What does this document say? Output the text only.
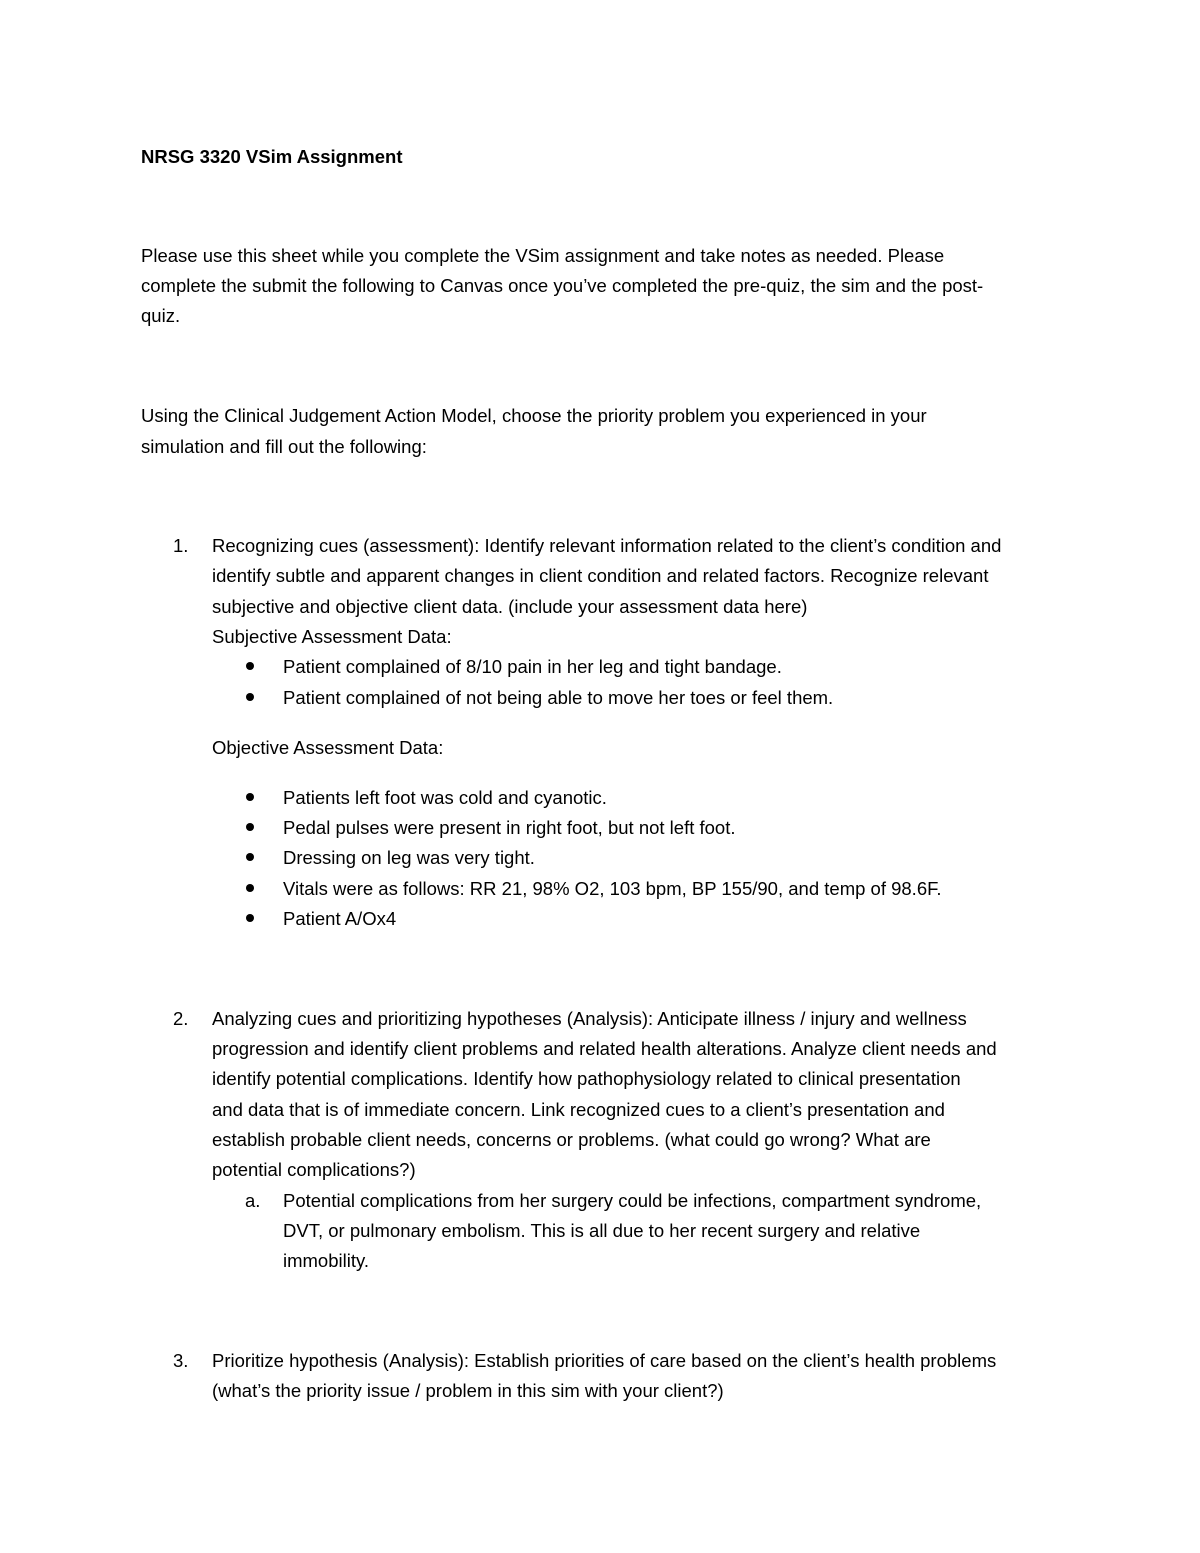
NRSG 3320 VSim Assignment
Please use this sheet while you complete the VSim assignment and take notes as needed. Please
complete the submit the following to Canvas once you’ve completed the pre-quiz, the sim and the post-
quiz.
Using the Clinical Judgement Action Model, choose the priority problem you experienced in your
simulation and fill out the following:
1. Recognizing cues (assessment): Identify relevant information related to the client’s condition and
identify subtle and apparent changes in client condition and related factors. Recognize relevant
subjective and objective client data. (include your assessment data here)
Subjective Assessment Data:
Patient complained of 8/10 pain in her leg and tight bandage.
Patient complained of not being able to move her toes or feel them.
Objective Assessment Data:
Patients left foot was cold and cyanotic.
Pedal pulses were present in right foot, but not left foot.
Dressing on leg was very tight.
Vitals were as follows: RR 21, 98% O2, 103 bpm, BP 155/90, and temp of 98.6F.
Patient A/Ox4
2. Analyzing cues and prioritizing hypotheses (Analysis): Anticipate illness / injury and wellness
progression and identify client problems and related health alterations. Analyze client needs and
identify potential complications. Identify how pathophysiology related to clinical presentation
and data that is of immediate concern. Link recognized cues to a client’s presentation and
establish probable client needs, concerns or problems. (what could go wrong? What are
potential complications?)
a. Potential complications from her surgery could be infections, compartment syndrome,
DVT, or pulmonary embolism. This is all due to her recent surgery and relative
immobility.
3. Prioritize hypothesis (Analysis): Establish priorities of care based on the client’s health problems
(what’s the priority issue / problem in this sim with your client?)
